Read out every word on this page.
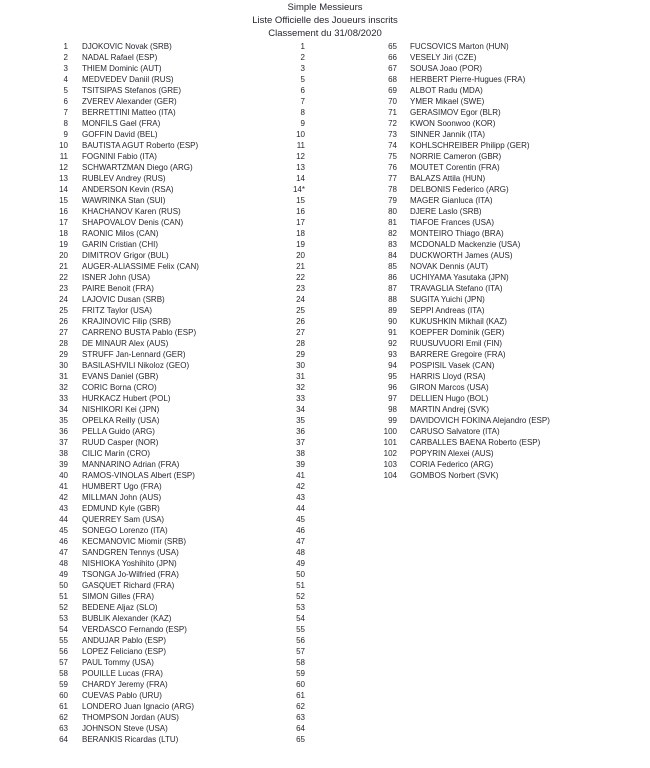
Simple Messieurs
Liste Officielle des Joueurs inscrits
Classement du 31/08/2020
1 DJOKOVIC Novak (SRB)	1
2 NADAL Rafael (ESP)	2
3 THIEM Dominic (AUT)	3
4 MEDVEDEV Daniil (RUS)	5
5 TSITSIPAS Stefanos (GRE)	6
6 ZVEREV Alexander (GER)	7
7 BERRETTINI Matteo (ITA)	8
8 MONFILS Gael (FRA)	9
9 GOFFIN David (BEL)	10
10 BAUTISTA AGUT Roberto (ESP)	11
11 FOGNINI Fabio (ITA)	12
12 SCHWARTZMAN Diego (ARG)	13
13 RUBLEV Andrey (RUS)	14
14 ANDERSON Kevin (RSA)	14*
15 WAWRINKA Stan (SUI)	15
16 KHACHANOV Karen (RUS)	16
17 SHAPOVALOV Denis (CAN)	17
18 RAONIC Milos (CAN)	18
19 GARIN Cristian (CHI)	19
20 DIMITROV Grigor (BUL)	20
21 AUGER-ALIASSIME Felix (CAN)	21
22 ISNER John (USA)	22
23 PAIRE Benoit (FRA)	23
24 LAJOVIC Dusan (SRB)	24
25 FRITZ Taylor (USA)	25
26 KRAJINOVIC Filip (SRB)	26
27 CARRENO BUSTA Pablo (ESP)	27
28 DE MINAUR Alex (AUS)	28
29 STRUFF Jan-Lennard (GER)	29
30 BASILASHVILI Nikoloz (GEO)	30
31 EVANS Daniel (GBR)	31
32 CORIC Borna (CRO)	32
33 HURKACZ Hubert (POL)	33
34 NISHIKORI Kei (JPN)	34
35 OPELKA Reilly (USA)	35
36 PELLA Guido (ARG)	36
37 RUUD Casper (NOR)	37
38 CILIC Marin (CRO)	38
39 MANNARINO Adrian (FRA)	39
40 RAMOS-VINOLAS Albert (ESP)	41
41 HUMBERT Ugo (FRA)	42
42 MILLMAN John (AUS)	43
43 EDMUND Kyle (GBR)	44
44 QUERREY Sam (USA)	45
45 SONEGO Lorenzo (ITA)	46
46 KECMANOVIC Miomir (SRB)	47
47 SANDGREN Tennys (USA)	48
48 NISHIOKA Yoshihito (JPN)	49
49 TSONGA Jo-Wilfried (FRA)	50
50 GASQUET Richard (FRA)	51
51 SIMON Gilles (FRA)	52
52 BEDENE Aljaz (SLO)	53
53 BUBLIK Alexander (KAZ)	54
54 VERDASCO Fernando (ESP)	55
55 ANDUJAR Pablo (ESP)	56
56 LOPEZ Feliciano (ESP)	57
57 PAUL Tommy (USA)	58
58 POUILLE Lucas (FRA)	59
59 CHARDY Jeremy (FRA)	60
60 CUEVAS Pablo (URU)	61
61 LONDERO Juan Ignacio (ARG)	62
62 THOMPSON Jordan (AUS)	63
63 JOHNSON Steve (USA)	64
64 BERANKIS Ricardas (LTU)	65
65 FUCSOVICS Marton (HUN)
66 VESELY Jiri (CZE)
67 SOUSA Joao (POR)
68 HERBERT Pierre-Hugues (FRA)
69 ALBOT Radu (MDA)
70 YMER Mikael (SWE)
71 GERASIMOV Egor (BLR)
72 KWON Soonwoo (KOR)
73 SINNER Jannik (ITA)
74 KOHLSCHREIBER Philipp (GER)
75 NORRIE Cameron (GBR)
76 MOUTET Corentin (FRA)
77 BALAZS Attila (HUN)
78 DELBONIS Federico (ARG)
79 MAGER Gianluca (ITA)
80 DJERE Laslo (SRB)
81 TIAFOE Frances (USA)
82 MONTEIRO Thiago (BRA)
83 MCDONALD Mackenzie (USA)
84 DUCKWORTH James (AUS)
85 NOVAK Dennis (AUT)
86 UCHIYAMA Yasutaka (JPN)
87 TRAVAGLIA Stefano (ITA)
88 SUGITA Yuichi (JPN)
89 SEPPI Andreas (ITA)
90 KUKUSHKIN Mikhail (KAZ)
91 KOEPFER Dominik (GER)
92 RUUSUVUORI Emil (FIN)
93 BARRERE Gregoire (FRA)
94 POSPISIL Vasek (CAN)
95 HARRIS Lloyd (RSA)
96 GIRON Marcos (USA)
97 DELLIEN Hugo (BOL)
98 MARTIN Andrej (SVK)
99 DAVIDOVICH FOKINA Alejandro (ESP)
100 CARUSO Salvatore (ITA)
101 CARBALLES BAENA Roberto (ESP)
102 POPYRIN Alexei (AUS)
103 CORIA Federico (ARG)
104 GOMBOS Norbert (SVK)
